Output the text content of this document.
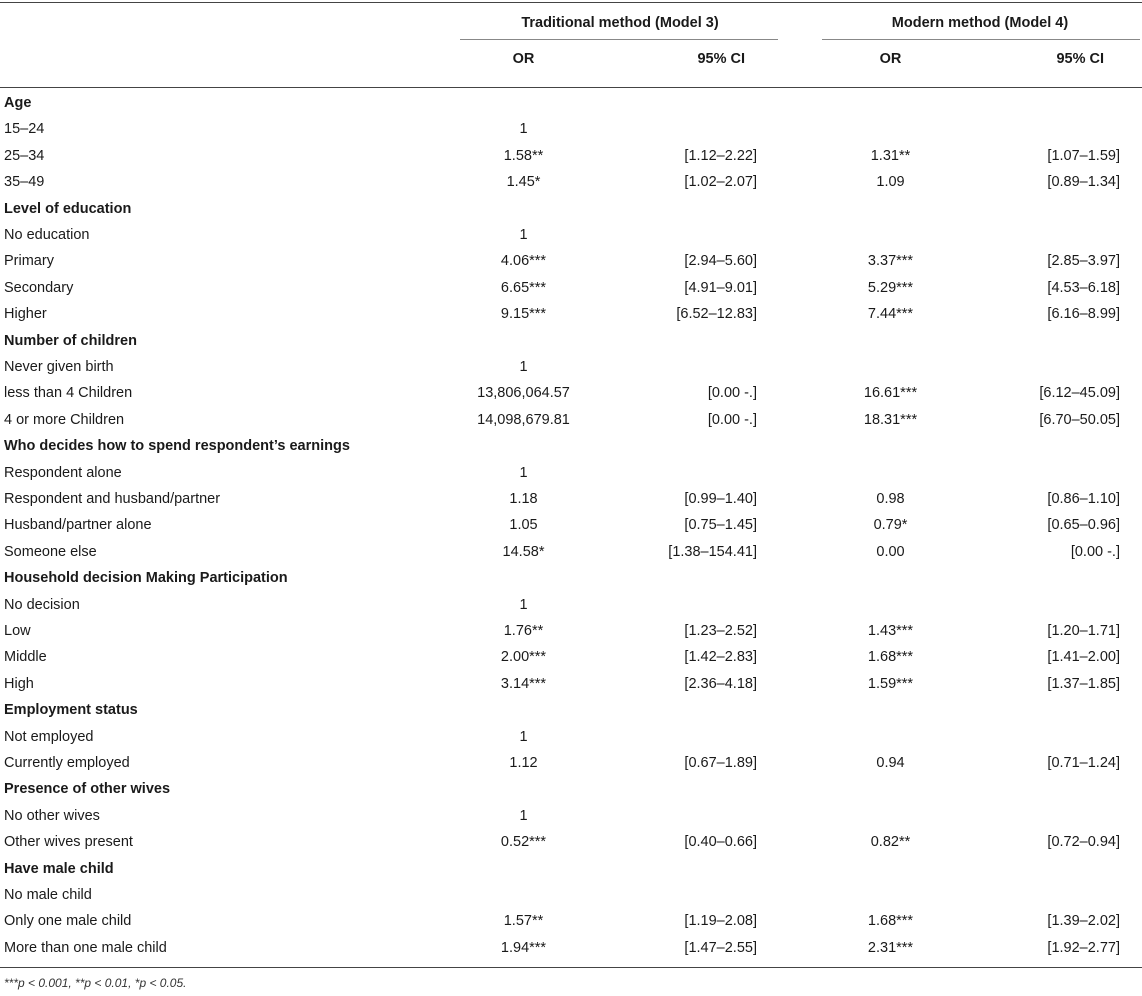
Traditional method (Model 3)	Modern method (Model 4)
OR	95% CI	OR	95% CI
Age
15–24	1
25–34	1.58**	[1.12–2.22]	1.31**	[1.07–1.59]
35–49	1.45*	[1.02–2.07]	1.09	[0.89–1.34]
Level of education
No education	1
Primary	4.06***	[2.94–5.60]	3.37***	[2.85–3.97]
Secondary	6.65***	[4.91–9.01]	5.29***	[4.53–6.18]
Higher	9.15***	[6.52–12.83]	7.44***	[6.16–8.99]
Number of children
Never given birth	1
less than 4 Children	13,806,064.57	[0.00 -.]	16.61***	[6.12–45.09]
4 or more Children	14,098,679.81	[0.00 -.]	18.31***	[6.70–50.05]
Who decides how to spend respondent’s earnings
Respondent alone	1
Respondent and husband/partner	1.18	[0.99–1.40]	0.98	[0.86–1.10]
Husband/partner alone	1.05	[0.75–1.45]	0.79*	[0.65–0.96]
Someone else	14.58*	[1.38–154.41]	0.00	[0.00 -.]
Household decision Making Participation
No decision	1
Low	1.76**	[1.23–2.52]	1.43***	[1.20–1.71]
Middle	2.00***	[1.42–2.83]	1.68***	[1.41–2.00]
High	3.14***	[2.36–4.18]	1.59***	[1.37–1.85]
Employment status
Not employed	1
Currently employed	1.12	[0.67–1.89]	0.94	[0.71–1.24]
Presence of other wives
No other wives	1
Other wives present	0.52***	[0.40–0.66]	0.82**	[0.72–0.94]
Have male child
No male child
Only one male child	1.57**	[1.19–2.08]	1.68***	[1.39–2.02]
More than one male child	1.94***	[1.47–2.55]	2.31***	[1.92–2.77]
***p < 0.001, **p < 0.01, *p < 0.05.
